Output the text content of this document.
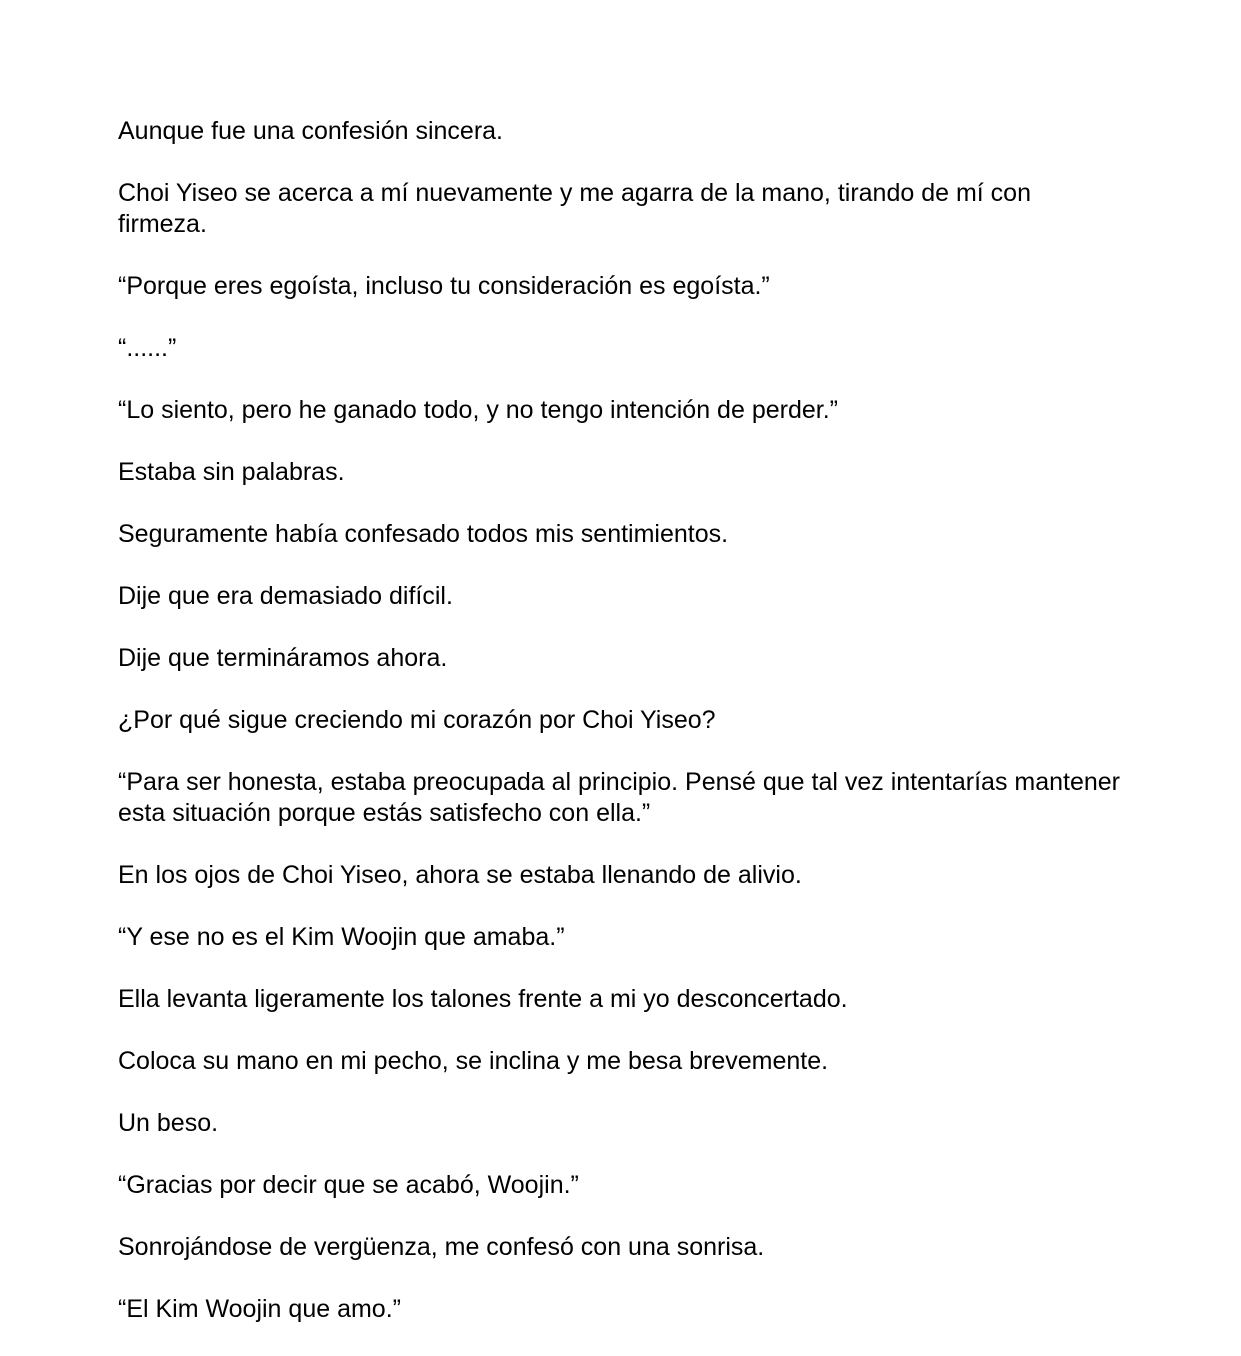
Aunque fue una confesión sincera.

Choi Yiseo se acerca a mí nuevamente y me agarra de la mano, tirando de mí con firmeza.

“Porque eres egoísta, incluso tu consideración es egoísta.”

“......”

“Lo siento, pero he ganado todo, y no tengo intención de perder.”

Estaba sin palabras.

Seguramente había confesado todos mis sentimientos.

Dije que era demasiado difícil.

Dije que termináramos ahora.

¿Por qué sigue creciendo mi corazón por Choi Yiseo?

“Para ser honesta, estaba preocupada al principio. Pensé que tal vez intentarías mantener esta situación porque estás satisfecho con ella.”

En los ojos de Choi Yiseo, ahora se estaba llenando de alivio.

“Y ese no es el Kim Woojin que amaba.”

Ella levanta ligeramente los talones frente a mi yo desconcertado.

Coloca su mano en mi pecho, se inclina y me besa brevemente.

Un beso.

“Gracias por decir que se acabó, Woojin.”

Sonrojándose de vergüenza, me confesó con una sonrisa.

“El Kim Woojin que amo.”
